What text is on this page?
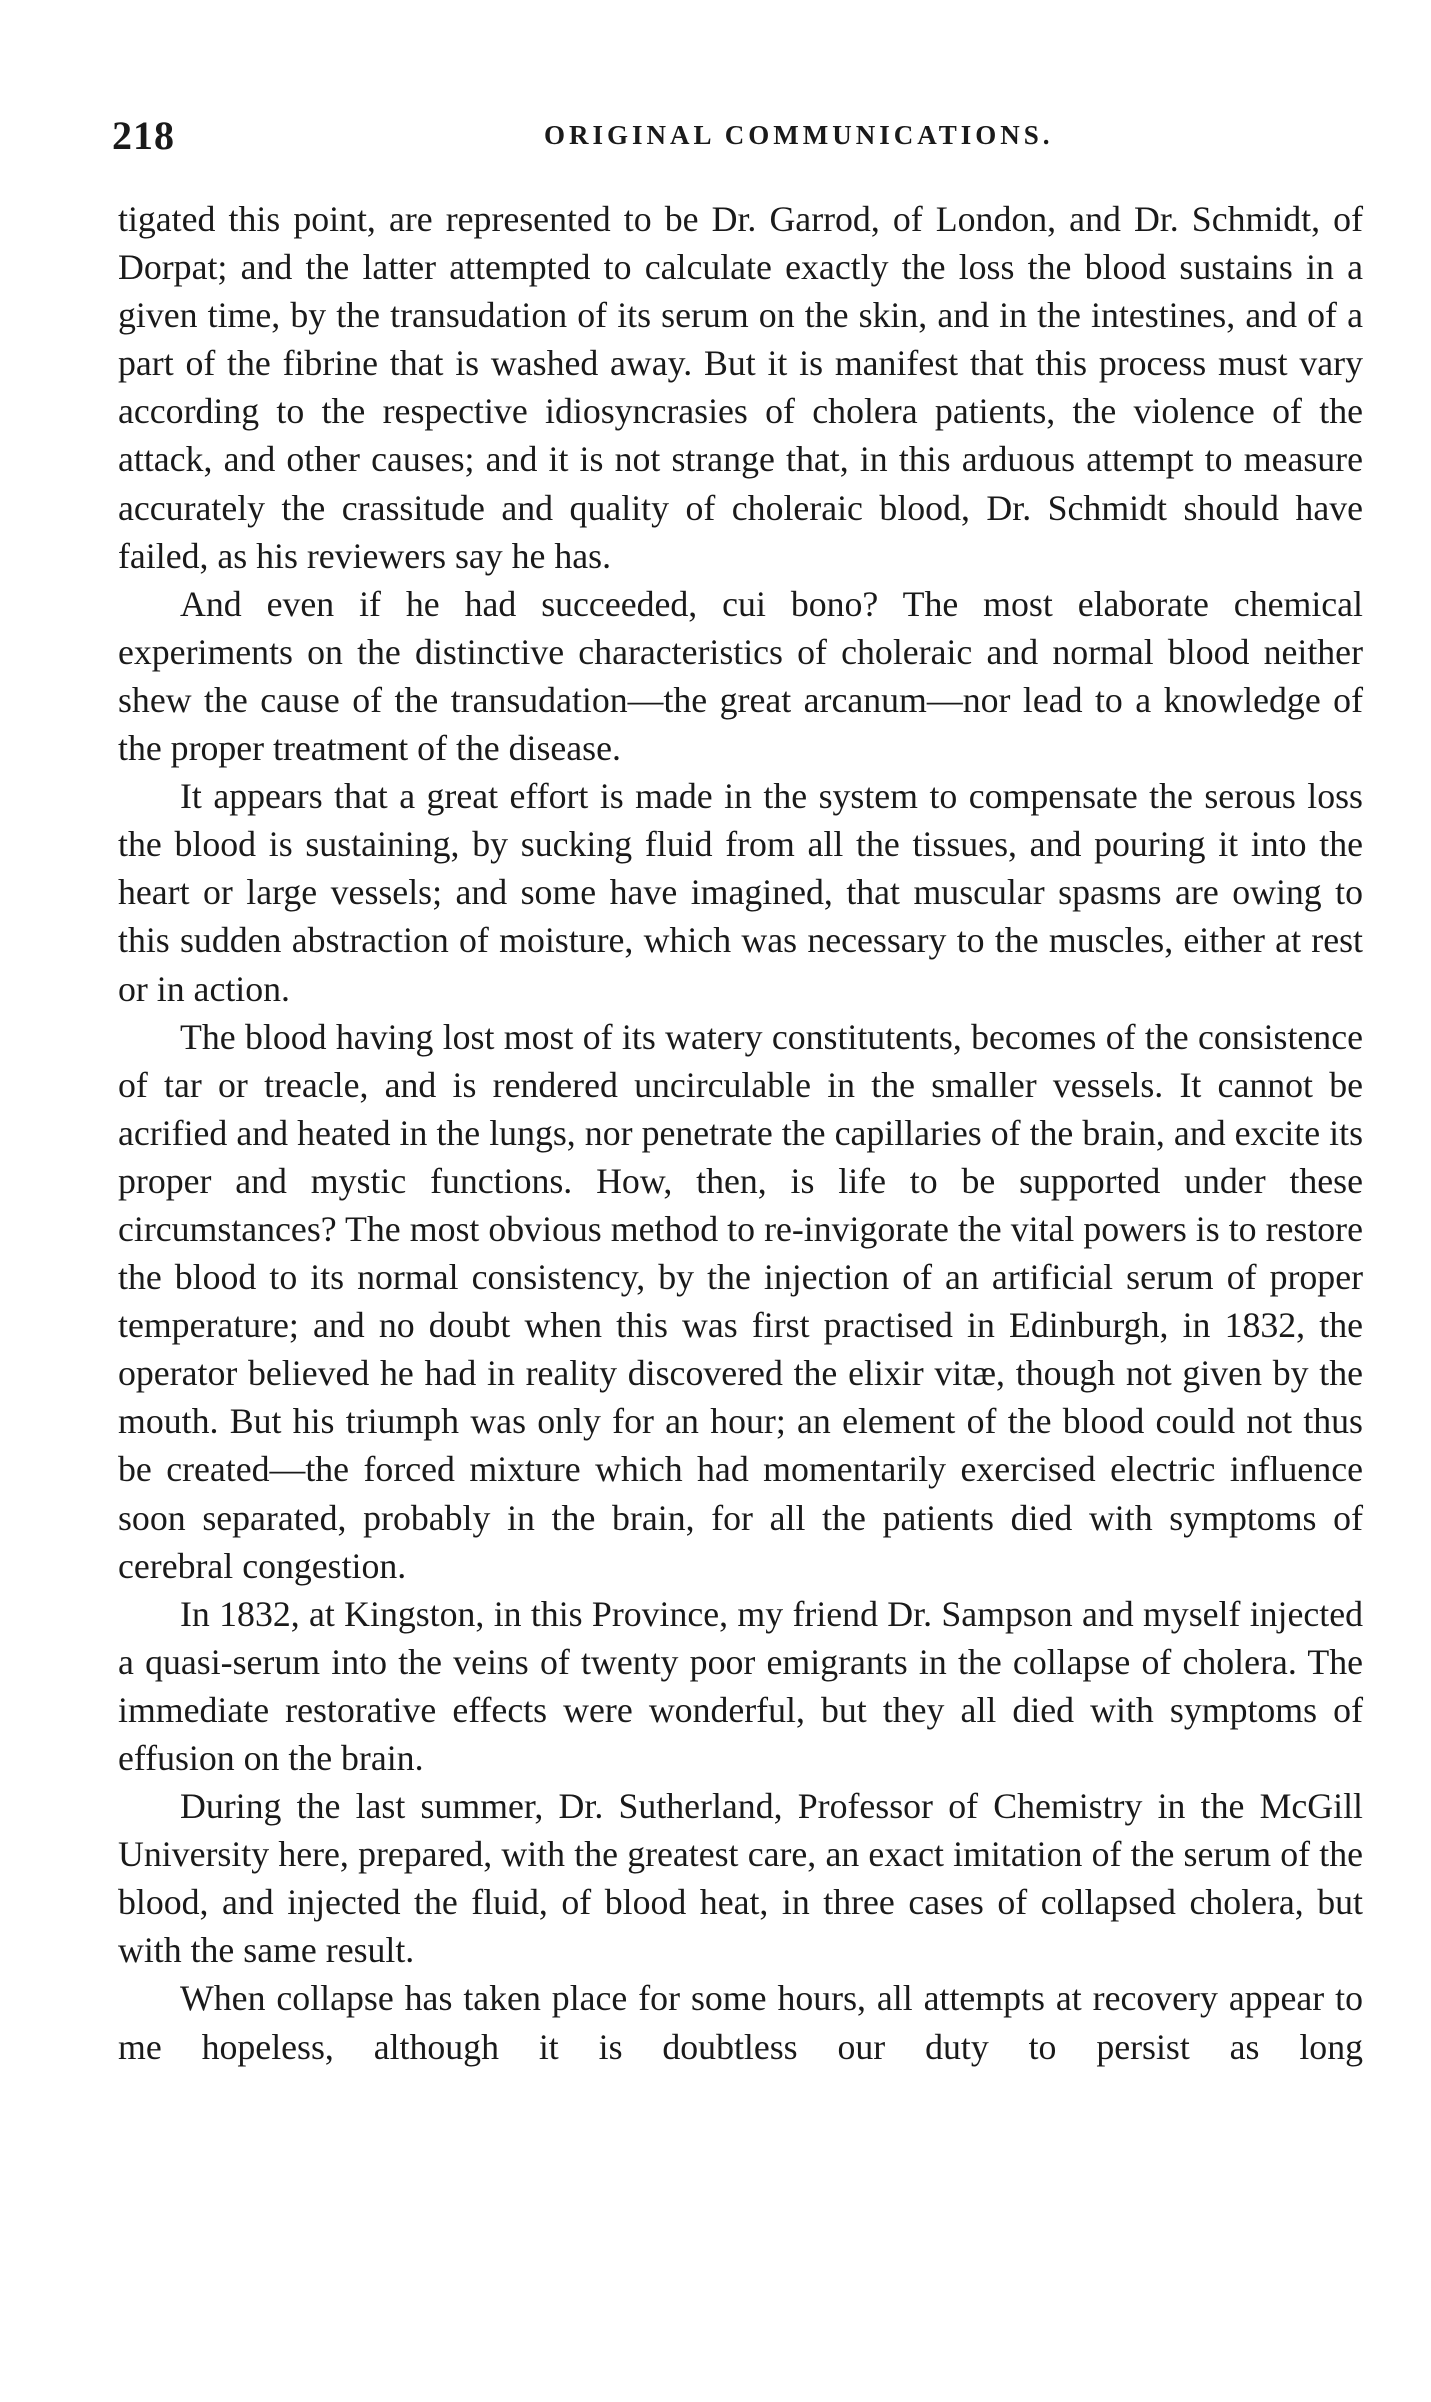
218	ORIGINAL COMMUNICATIONS.

tigated this point, are represented to be Dr. Garrod, of London, and Dr. Schmidt, of Dorpat; and the latter attempted to calculate exactly the loss the blood sustains in a given time, by the transudation of its serum on the skin, and in the intestines, and of a part of the fibrine that is washed away. But it is manifest that this process must vary according to the respective idiosyncrasies of cholera patients, the violence of the attack, and other causes; and it is not strange that, in this arduous attempt to measure accurately the crassitude and quality of choleraic blood, Dr. Schmidt should have failed, as his reviewers say he has.

And even if he had succeeded, cui bono? The most elaborate chemical experiments on the distinctive characteristics of choleraic and normal blood neither shew the cause of the transudation—the great arcanum—nor lead to a knowledge of the proper treatment of the disease.

It appears that a great effort is made in the system to compensate the serous loss the blood is sustaining, by sucking fluid from all the tissues, and pouring it into the heart or large vessels; and some have imagined, that muscular spasms are owing to this sudden abstraction of moisture, which was necessary to the muscles, either at rest or in action.

The blood having lost most of its watery constitutents, becomes of the consistence of tar or treacle, and is rendered uncirculable in the smaller vessels. It cannot be acrified and heated in the lungs, nor penetrate the capillaries of the brain, and excite its proper and mystic functions. How, then, is life to be supported under these circumstances? The most obvious method to re-invigorate the vital powers is to restore the blood to its normal consistency, by the injection of an artificial serum of proper temperature; and no doubt when this was first practised in Edinburgh, in 1832, the operator believed he had in reality discovered the elixir vitæ, though not given by the mouth. But his triumph was only for an hour; an element of the blood could not thus be created—the forced mixture which had momentarily exercised electric influence soon separated, probably in the brain, for all the patients died with symptoms of cerebral congestion.

In 1832, at Kingston, in this Province, my friend Dr. Sampson and myself injected a quasi-serum into the veins of twenty poor emigrants in the collapse of cholera. The immediate restorative effects were wonderful, but they all died with symptoms of effusion on the brain.

During the last summer, Dr. Sutherland, Professor of Chemistry in the McGill University here, prepared, with the greatest care, an exact imitation of the serum of the blood, and injected the fluid, of blood heat, in three cases of collapsed cholera, but with the same result.

When collapse has taken place for some hours, all attempts at recovery appear to me hopeless, although it is doubtless our duty to persist as long
